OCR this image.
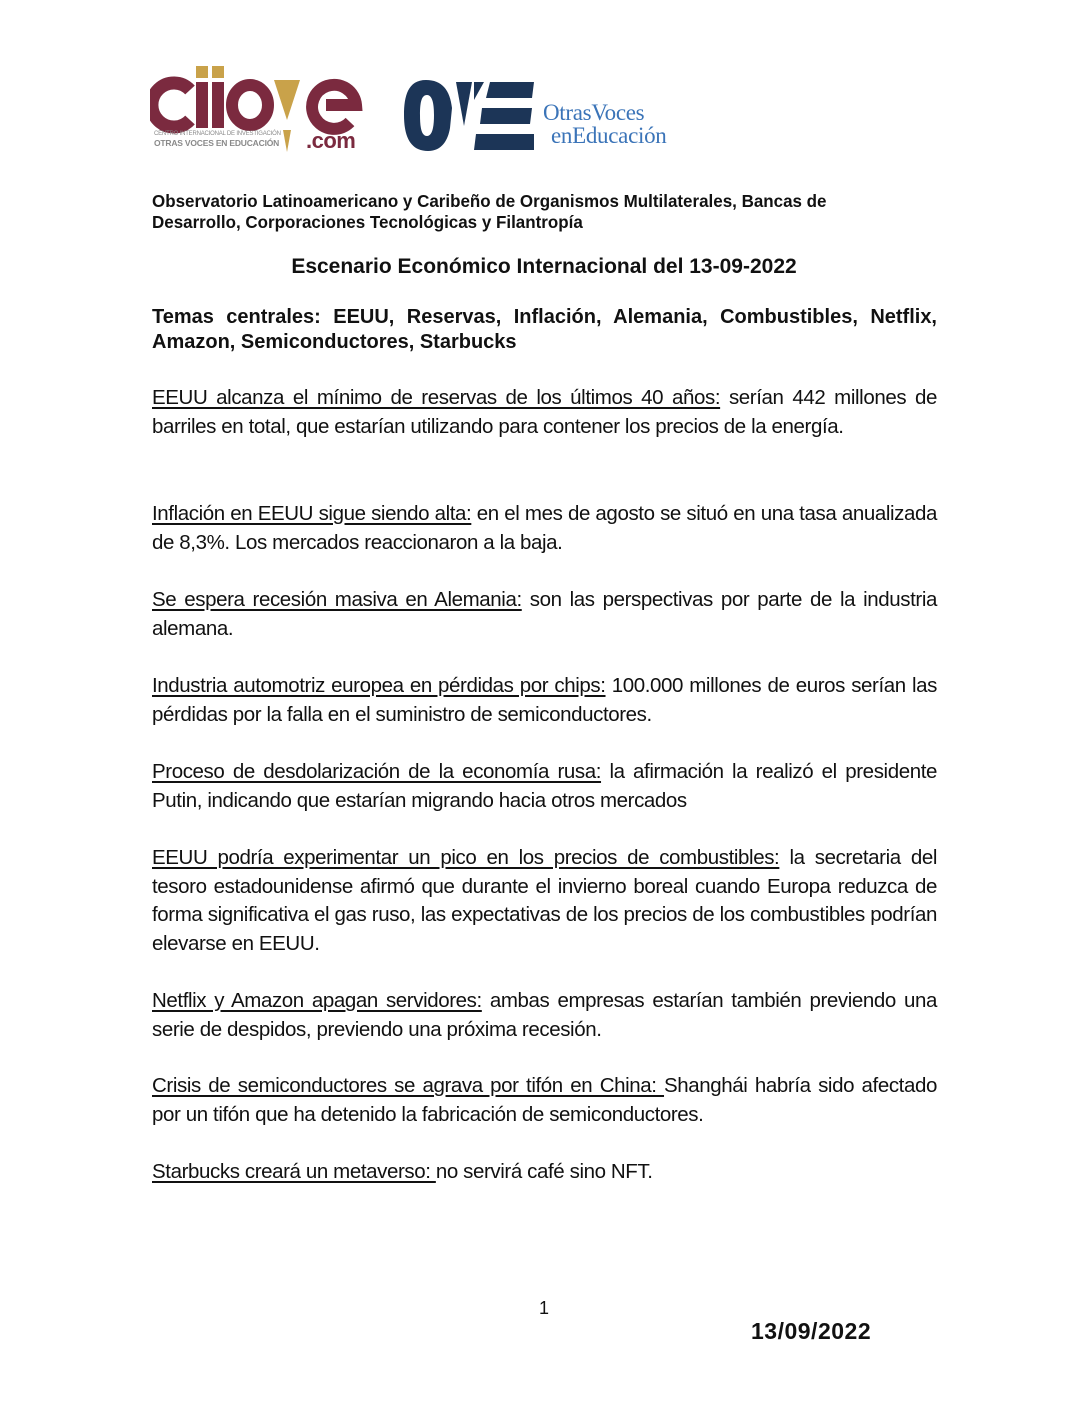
CENTRO INTERNACIONAL DE INVESTIGACIÓN
OTRAS VOCES EN EDUCACIÓN .com
OtrasVoces
enEducación
Observatorio Latinoamericano y Caribeño de Organismos Multilaterales, Bancas de Desarrollo, Corporaciones Tecnológicas y Filantropía
Escenario Económico Internacional del 13-09-2022
Temas centrales: EEUU, Reservas, Inflación, Alemania, Combustibles, Netflix, Amazon, Semiconductores, Starbucks
EEUU alcanza el mínimo de reservas de los últimos 40 años: serían 442 millones de barriles en total, que estarían utilizando para contener los precios de la energía.
Inflación en EEUU sigue siendo alta: en el mes de agosto se situó en una tasa anualizada de 8,3%. Los mercados reaccionaron a la baja.
Se espera recesión masiva en Alemania: son las perspectivas por parte de la industria alemana.
Industria automotriz europea en pérdidas por chips: 100.000 millones de euros serían las pérdidas por la falla en el suministro de semiconductores.
Proceso de desdolarización de la economía rusa: la afirmación la realizó el presidente Putin, indicando que estarían migrando hacia otros mercados
EEUU podría experimentar un pico en los precios de combustibles: la secretaria del tesoro estadounidense afirmó que durante el invierno boreal cuando Europa reduzca de forma significativa el gas ruso, las expectativas de los precios de los combustibles podrían elevarse en EEUU.
Netflix y Amazon apagan servidores: ambas empresas estarían también previendo una serie de despidos, previendo una próxima recesión.
Crisis de semiconductores se agrava por tifón en China: Shanghái habría sido afectado por un tifón que ha detenido la fabricación de semiconductores.
Starbucks creará un metaverso: no servirá café sino NFT.
1
13/09/2022
